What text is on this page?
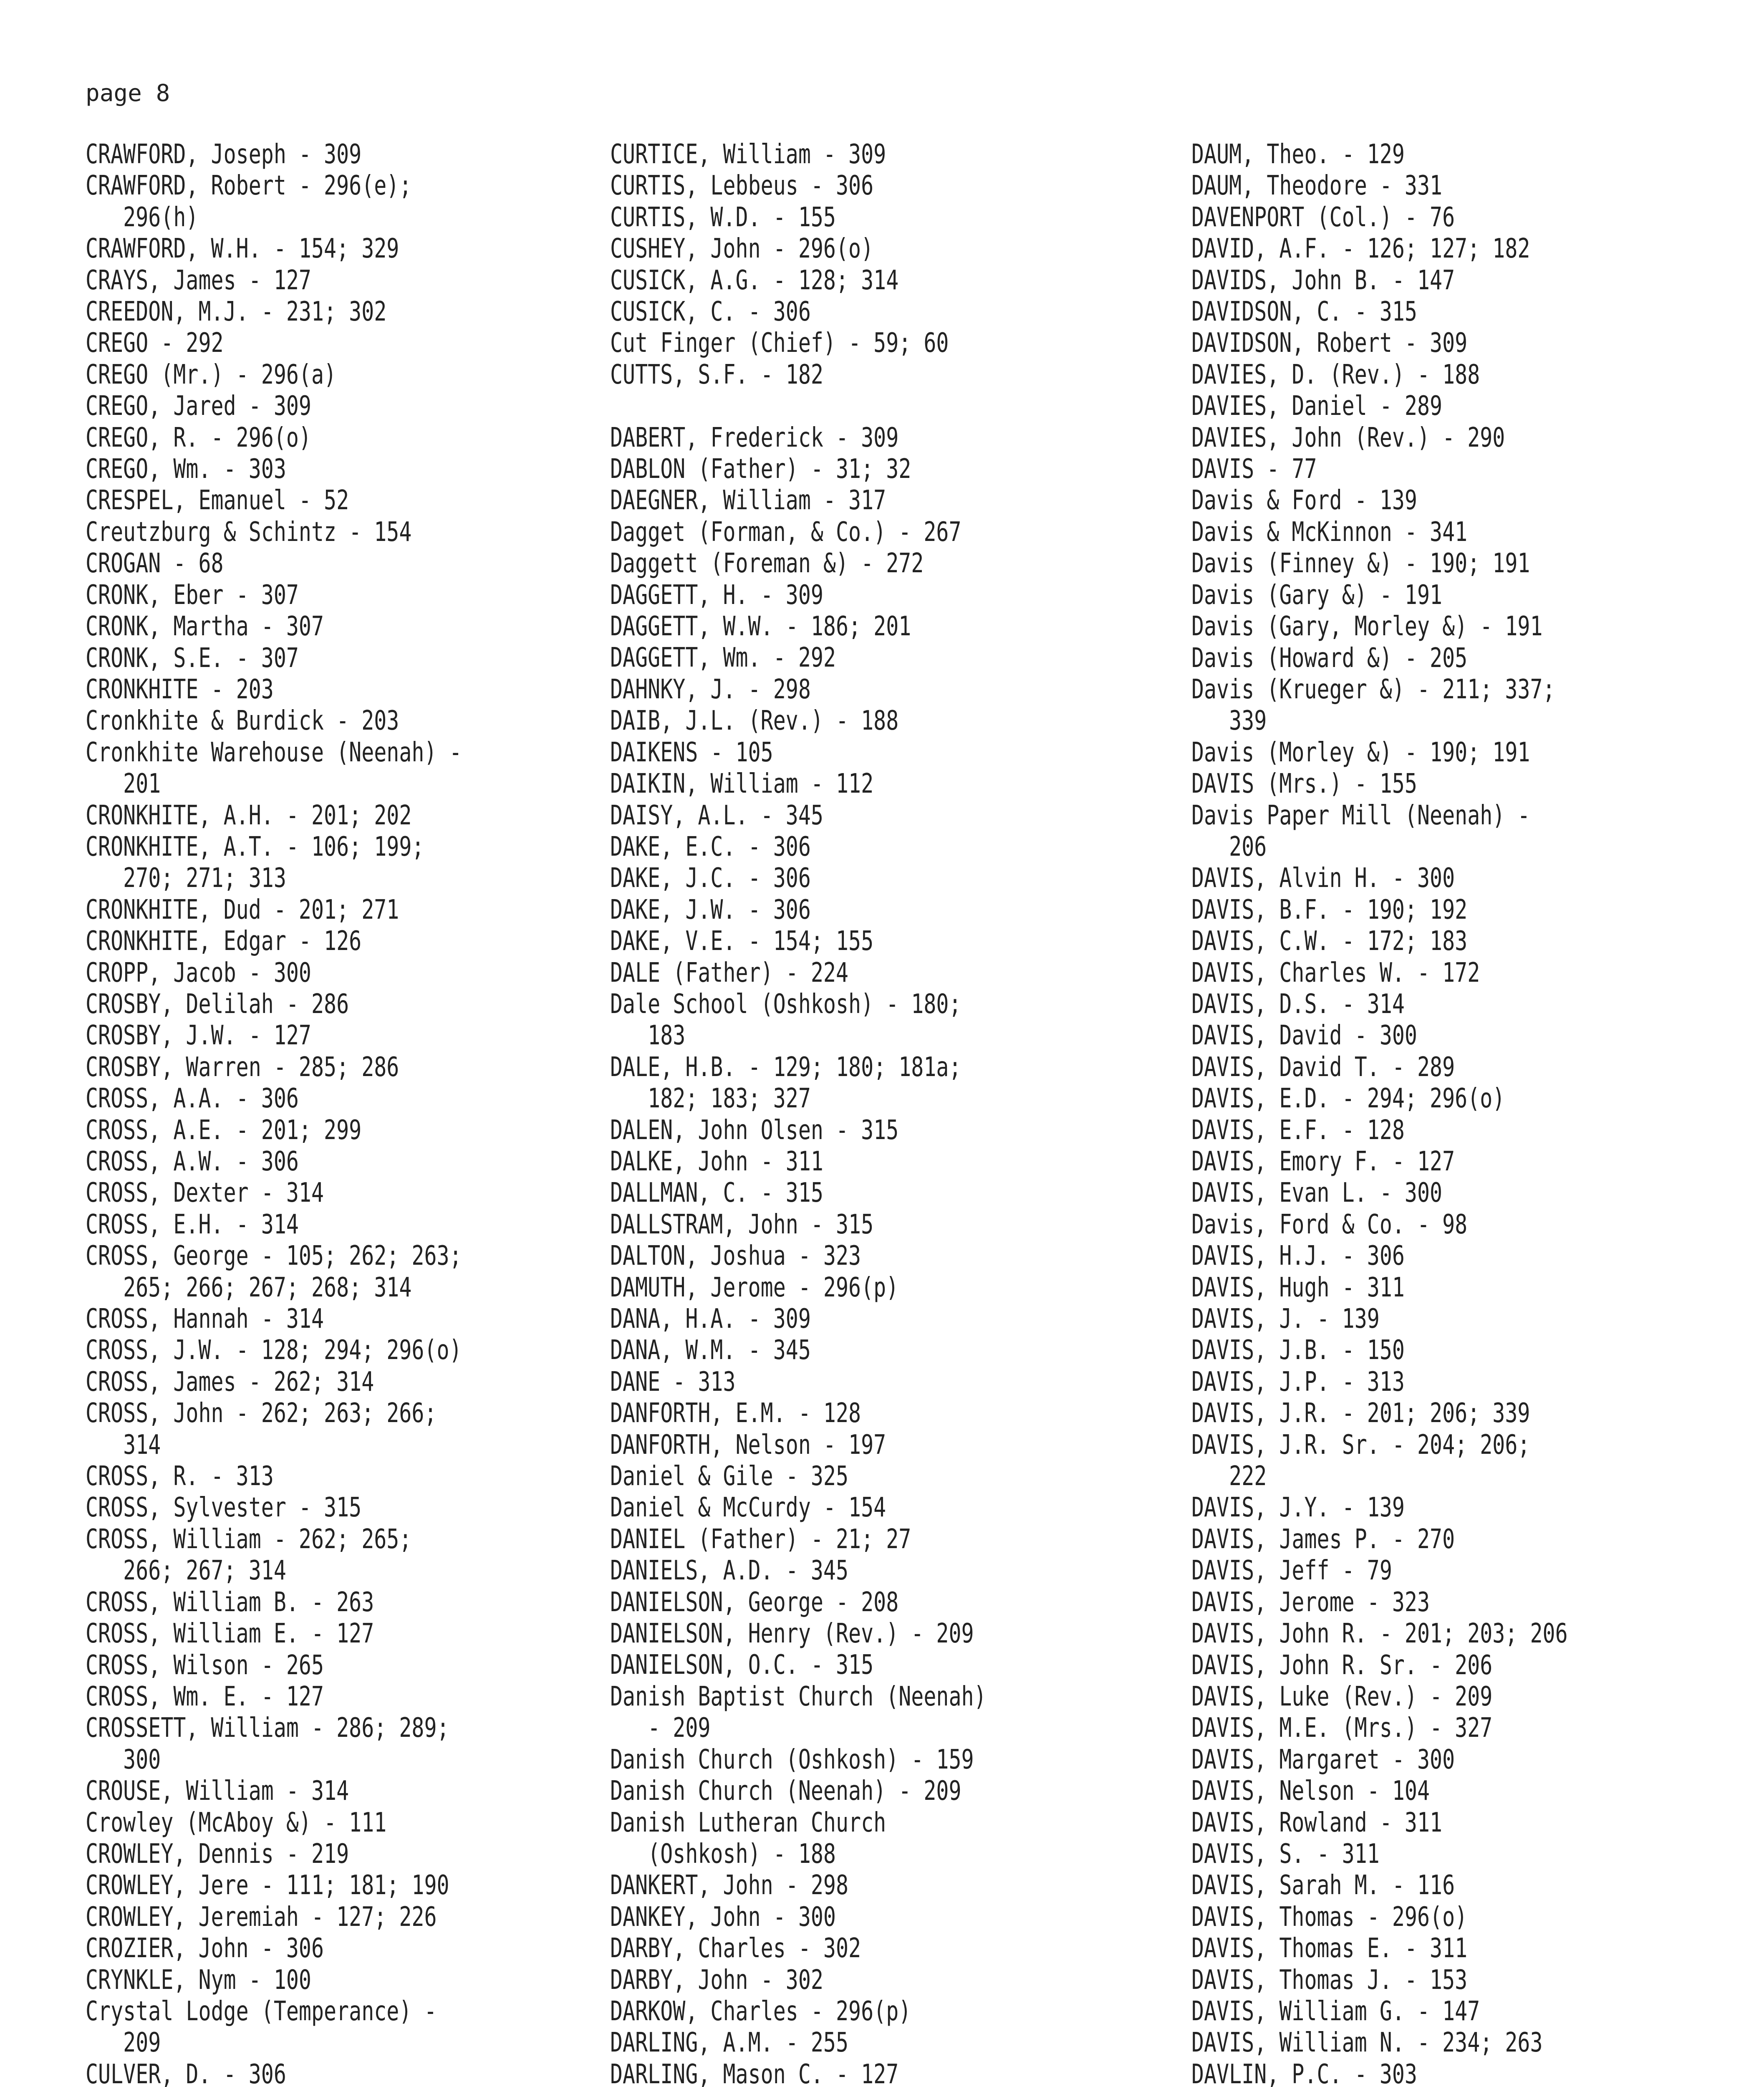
page 8
CRAWFORD, Joseph - 309
CRAWFORD, Robert - 296(e);
296(h)
CRAWFORD, W.H. - 154; 329
CRAYS, James - 127
CREEDON, M.J. - 231; 302
CREGO - 292
CREGO (Mr.) - 296(a)
CREGO, Jared - 309
CREGO, R. - 296(o)
CREGO, Wm. - 303
CRESPEL, Emanuel - 52
Creutzburg & Schintz - 154
CROGAN - 68
CRONK, Eber - 307
CRONK, Martha - 307
CRONK, S.E. - 307
CRONKHITE - 203
Cronkhite & Burdick - 203
Cronkhite Warehouse (Neenah) -
201
CRONKHITE, A.H. - 201; 202
CRONKHITE, A.T. - 106; 199;
270; 271; 313
CRONKHITE, Dud - 201; 271
CRONKHITE, Edgar - 126
CROPP, Jacob - 300
CROSBY, Delilah - 286
CROSBY, J.W. - 127
CROSBY, Warren - 285; 286
CROSS, A.A. - 306
CROSS, A.E. - 201; 299
CROSS, A.W. - 306
CROSS, Dexter - 314
CROSS, E.H. - 314
CROSS, George - 105; 262; 263;
265; 266; 267; 268; 314
CROSS, Hannah - 314
CROSS, J.W. - 128; 294; 296(o)
CROSS, James - 262; 314
CROSS, John - 262; 263; 266;
314
CROSS, R. - 313
CROSS, Sylvester - 315
CROSS, William - 262; 265;
266; 267; 314
CROSS, William B. - 263
CROSS, William E. - 127
CROSS, Wilson - 265
CROSS, Wm. E. - 127
CROSSETT, William - 286; 289;
300
CROUSE, William - 314
Crowley (McAboy &) - 111
CROWLEY, Dennis - 219
CROWLEY, Jere - 111; 181; 190
CROWLEY, Jeremiah - 127; 226
CROZIER, John - 306
CRYNKLE, Nym - 100
Crystal Lodge (Temperance) -
209
CULVER, D. - 306
CURTICE, William - 309
CURTIS, Lebbeus - 306
CURTIS, W.D. - 155
CUSHEY, John - 296(o)
CUSICK, A.G. - 128; 314
CUSICK, C. - 306
Cut Finger (Chief) - 59; 60
CUTTS, S.F. - 182
DABERT, Frederick - 309
DABLON (Father) - 31; 32
DAEGNER, William - 317
Dagget (Forman, & Co.) - 267
Daggett (Foreman &) - 272
DAGGETT, H. - 309
DAGGETT, W.W. - 186; 201
DAGGETT, Wm. - 292
DAHNKY, J. - 298
DAIB, J.L. (Rev.) - 188
DAIKENS - 105
DAIKIN, William - 112
DAISY, A.L. - 345
DAKE, E.C. - 306
DAKE, J.C. - 306
DAKE, J.W. - 306
DAKE, V.E. - 154; 155
DALE (Father) - 224
Dale School (Oshkosh) - 180;
183
DALE, H.B. - 129; 180; 181a;
182; 183; 327
DALEN, John Olsen - 315
DALKE, John - 311
DALLMAN, C. - 315
DALLSTRAM, John - 315
DALTON, Joshua - 323
DAMUTH, Jerome - 296(p)
DANA, H.A. - 309
DANA, W.M. - 345
DANE - 313
DANFORTH, E.M. - 128
DANFORTH, Nelson - 197
Daniel & Gile - 325
Daniel & McCurdy - 154
DANIEL (Father) - 21; 27
DANIELS, A.D. - 345
DANIELSON, George - 208
DANIELSON, Henry (Rev.) - 209
DANIELSON, O.C. - 315
Danish Baptist Church (Neenah)
- 209
Danish Church (Oshkosh) - 159
Danish Church (Neenah) - 209
Danish Lutheran Church
(Oshkosh) - 188
DANKERT, John - 298
DANKEY, John - 300
DARBY, Charles - 302
DARBY, John - 302
DARKOW, Charles - 296(p)
DARLING, A.M. - 255
DARLING, Mason C. - 127
DAUM, Theo. - 129
DAUM, Theodore - 331
DAVENPORT (Col.) - 76
DAVID, A.F. - 126; 127; 182
DAVIDS, John B. - 147
DAVIDSON, C. - 315
DAVIDSON, Robert - 309
DAVIES, D. (Rev.) - 188
DAVIES, Daniel - 289
DAVIES, John (Rev.) - 290
DAVIS - 77
Davis & Ford - 139
Davis & McKinnon - 341
Davis (Finney &) - 190; 191
Davis (Gary &) - 191
Davis (Gary, Morley &) - 191
Davis (Howard &) - 205
Davis (Krueger &) - 211; 337;
339
Davis (Morley &) - 190; 191
DAVIS (Mrs.) - 155
Davis Paper Mill (Neenah) -
206
DAVIS, Alvin H. - 300
DAVIS, B.F. - 190; 192
DAVIS, C.W. - 172; 183
DAVIS, Charles W. - 172
DAVIS, D.S. - 314
DAVIS, David - 300
DAVIS, David T. - 289
DAVIS, E.D. - 294; 296(o)
DAVIS, E.F. - 128
DAVIS, Emory F. - 127
DAVIS, Evan L. - 300
Davis, Ford & Co. - 98
DAVIS, H.J. - 306
DAVIS, Hugh - 311
DAVIS, J. - 139
DAVIS, J.B. - 150
DAVIS, J.P. - 313
DAVIS, J.R. - 201; 206; 339
DAVIS, J.R. Sr. - 204; 206;
222
DAVIS, J.Y. - 139
DAVIS, James P. - 270
DAVIS, Jeff - 79
DAVIS, Jerome - 323
DAVIS, John R. - 201; 203; 206
DAVIS, John R. Sr. - 206
DAVIS, Luke (Rev.) - 209
DAVIS, M.E. (Mrs.) - 327
DAVIS, Margaret - 300
DAVIS, Nelson - 104
DAVIS, Rowland - 311
DAVIS, S. - 311
DAVIS, Sarah M. - 116
DAVIS, Thomas - 296(o)
DAVIS, Thomas E. - 311
DAVIS, Thomas J. - 153
DAVIS, William G. - 147
DAVIS, William N. - 234; 263
DAVLIN, P.C. - 303
